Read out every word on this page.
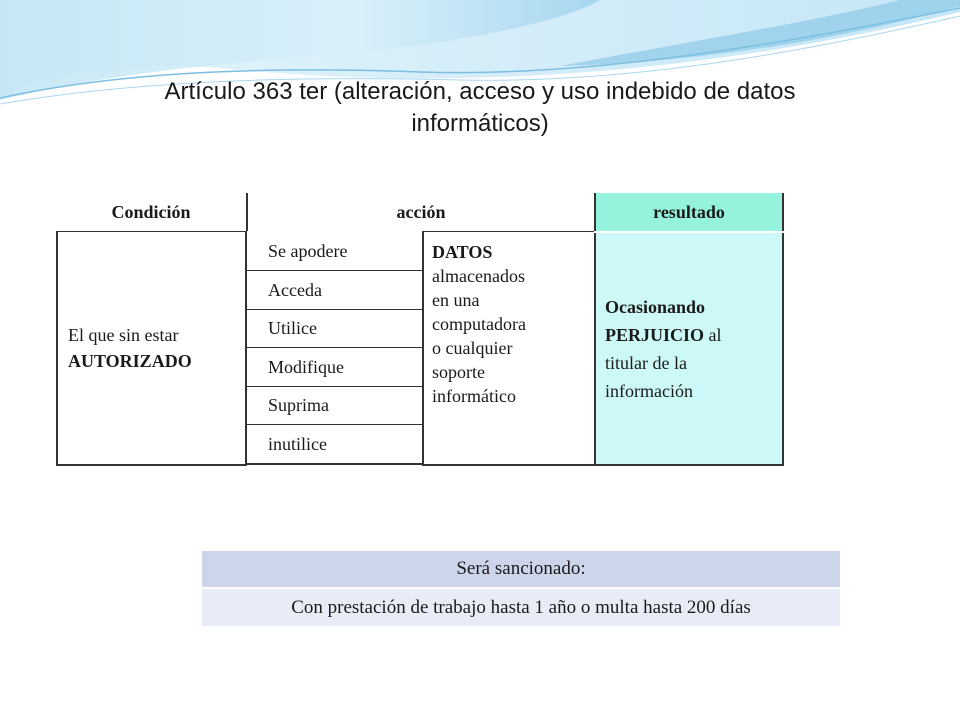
Artículo 363 ter (alteración, acceso y uso indebido de datos
informáticos)
Condición	acción	resultado
El que sin estar
AUTORIZADO
Se apodere
Acceda
Utilice
Modifique
Suprima
inutilice
DATOS
almacenados
en una
computadora
o cualquier
soporte
informático
Ocasionando
PERJUICIO al
titular de la
información
Será sancionado:
Con prestación de trabajo hasta 1 año o multa hasta 200 días
